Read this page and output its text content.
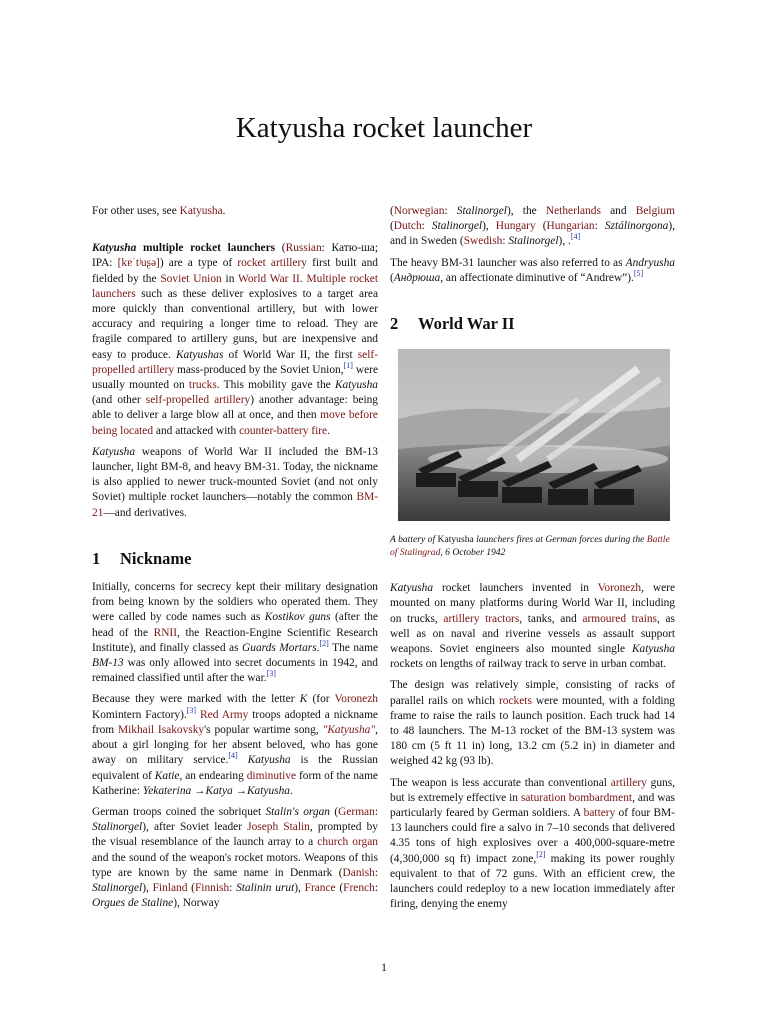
Katyusha rocket launcher

For other uses, see Katyusha.

Katyusha multiple rocket launchers (Russian: Катю-ша; IPA: [kɐˈtʲuʂə]) are a type of rocket artillery first built and fielded by the Soviet Union in World War II. Multiple rocket launchers such as these deliver explosives to a target area more quickly than conventional artillery, but with lower accuracy and requiring a longer time to reload. They are fragile compared to artillery guns, but are inexpensive and easy to produce. Katyushas of World War II, the first self-propelled artillery mass-produced by the Soviet Union,[1] were usually mounted on trucks. This mobility gave the Katyusha (and other self-propelled artillery) another advantage: being able to deliver a large blow all at once, and then move before being located and attacked with counter-battery fire.

Katyusha weapons of World War II included the BM-13 launcher, light BM-8, and heavy BM-31. Today, the nickname is also applied to newer truck-mounted Soviet (and not only Soviet) multiple rocket launchers—notably the common BM-21—and derivatives.

1 Nickname

Initially, concerns for secrecy kept their military designation from being known by the soldiers who operated them. They were called by code names such as Kostikov guns (after the head of the RNII, the Reaction-Engine Scientific Research Institute), and finally classed as Guards Mortars.[2] The name BM-13 was only allowed into secret documents in 1942, and remained classified until after the war.[3]

Because they were marked with the letter K (for Voronezh Komintern Factory).[3] Red Army troops adopted a nickname from Mikhail Isakovsky's popular wartime song, "Katyusha", about a girl longing for her absent beloved, who has gone away on military service.[4] Katyusha is the Russian equivalent of Katie, an endearing diminutive form of the name Katherine: Yekaterina →Katya →Katyusha.

German troops coined the sobriquet Stalin's organ (German: Stalinorgel), after Soviet leader Joseph Stalin, prompted by the visual resemblance of the launch array to a church organ and the sound of the weapon's rocket motors. Weapons of this type are known by the same name in Denmark (Danish: Stalinorgel), Finland (Finnish: Stalinin urut), France (French: Orgues de Staline), Norway

(Norwegian: Stalinorgel), the Netherlands and Belgium (Dutch: Stalinorgel), Hungary (Hungarian: Sztálinorgona), and in Sweden (Swedish: Stalinorgel), .[4]

The heavy BM-31 launcher was also referred to as Andryusha (Андрюша, an affectionate diminutive of “Andrew”).[5]

2 World War II

A battery of Katyusha launchers fires at German forces during the Battle of Stalingrad, 6 October 1942

Katyusha rocket launchers invented in Voronezh, were mounted on many platforms during World War II, including on trucks, artillery tractors, tanks, and armoured trains, as well as on naval and riverine vessels as assault support weapons. Soviet engineers also mounted single Katyusha rockets on lengths of railway track to serve in urban combat.

The design was relatively simple, consisting of racks of parallel rails on which rockets were mounted, with a folding frame to raise the rails to launch position. Each truck had 14 to 48 launchers. The M-13 rocket of the BM-13 system was 180 cm (5 ft 11 in) long, 13.2 cm (5.2 in) in diameter and weighed 42 kg (93 lb).

The weapon is less accurate than conventional artillery guns, but is extremely effective in saturation bombardment, and was particularly feared by German soldiers. A battery of four BM-13 launchers could fire a salvo in 7–10 seconds that delivered 4.35 tons of high explosives over a 400,000-square-metre (4,300,000 sq ft) impact zone,[2] making its power roughly equivalent to that of 72 guns. With an efficient crew, the launchers could redeploy to a new location immediately after firing, denying the enemy

1
